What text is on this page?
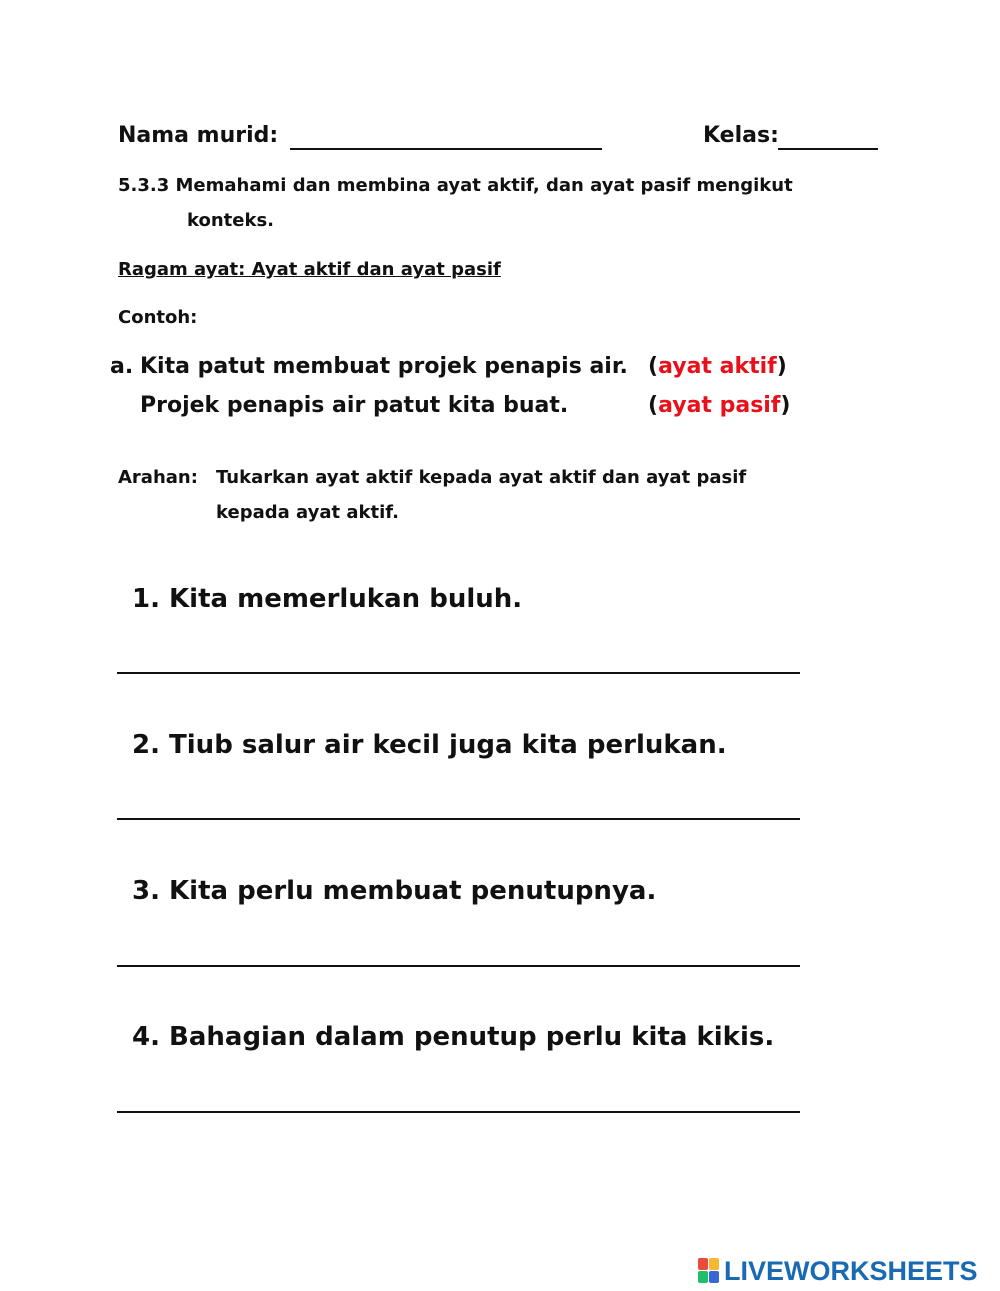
Nama murid:	Kelas:
5.3.3 Memahami dan membina ayat aktif, dan ayat pasif mengikut
konteks.
Ragam ayat: Ayat aktif dan ayat pasif
Contoh:
a. Kita patut membuat projek penapis air. (ayat aktif)
Projek penapis air patut kita buat.	(ayat pasif)
Arahan: Tukarkan ayat aktif kepada ayat aktif dan ayat pasif
kepada ayat aktif.
1. Kita memerlukan buluh.
2. Tiub salur air kecil juga kita perlukan.
3. Kita perlu membuat penutupnya.
4. Bahagian dalam penutup perlu kita kikis.
LIVEWORKSHEETS
